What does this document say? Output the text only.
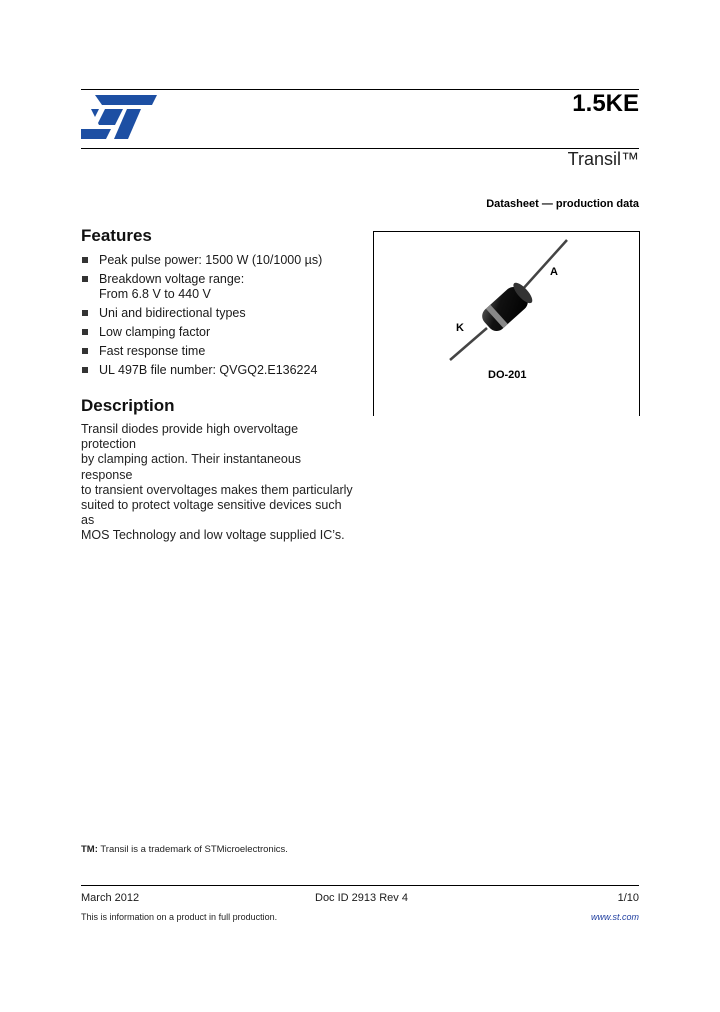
1.5KE
Transil™
Datasheet — production data
Features
Peak pulse power: 1500 W (10/1000 µs)
Breakdown voltage range:
From 6.8 V to 440 V
Uni and bidirectional types
Low clamping factor
Fast response time
UL 497B file number: QVGQ2.E136224
Description
Transil diodes provide high overvoltage protection
by clamping action. Their instantaneous response
to transient overvoltages makes them particularly
suited to protect voltage sensitive devices such as
MOS Technology and low voltage supplied IC’s.
A
K
DO-201
TM: Transil is a trademark of STMicroelectronics.
March 2012	Doc ID 2913 Rev 4	1/10
This is information on a product in full production.	www.st.com
